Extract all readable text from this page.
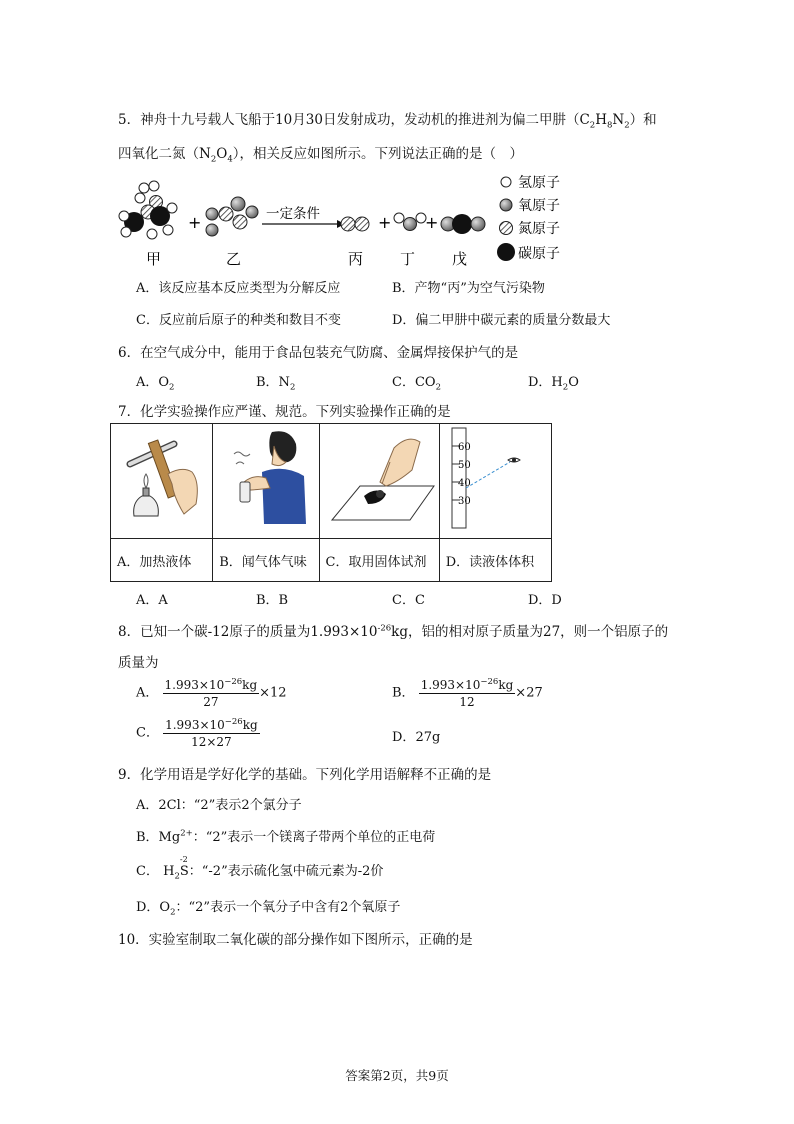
5．神舟十九号载人飞船于10月30日发射成功，发动机的推进剂为偏二甲肼$(C_2H_8N_2)$和
四氧化二氮$(N_2O_4)$，相关反应如图所示。下列说法正确的是（　）
+	一定条件	+ +
甲	乙	丙 丁 戊
氢原子
氧原子
氮原子
碳原子
A．该反应基本反应类型为分解反应	B．产物“丙”为空气污染物
C．反应前后原子的种类和数目不变	D．偏二甲肼中碳元素的质量分数最大
6．在空气成分中，能用于食品包装充气防腐、金属焊接保护气的是
A．$O_2$	B．$N_2$	C．$CO_2$	D．$H_2O$
7．化学实验操作应严谨、规范。下列实验操作正确的是

60
50
40
30

A．加热液体	B．闻气体气味	C．取用固体试剂	D．读液体体积
A．A	B．B	C．C	D．D
8．已知一个碳-12原子的质量为$1.993\times 10^{-26}kg$，铝的相对原子质量为27，则一个铝原子的
质量为
A． $\frac{1.993\times 10^{-26}kg}{27} \times 12$	B． $\frac{1.993\times 10^{-26}kg}{12} \times 27$
C． $\frac{1.993\times 10^{-26}kg}{12\times 27}$	D．27g
9．化学用语是学好化学的基础。下列化学用语解释不正确的是
A．2Cl：“2”表示2个氯分子
B．$Mg^{2+}$：“2”表示一个镁离子带两个单位的正电荷
C． $H_2$
-2
S：“-2”表示硫化氢中硫元素为-2价
D．$O_2$：“2”表示一个氧分子中含有2个氧原子
10．实验室制取二氧化碳的部分操作如下图所示，正确的是
答案第2页，共9页
